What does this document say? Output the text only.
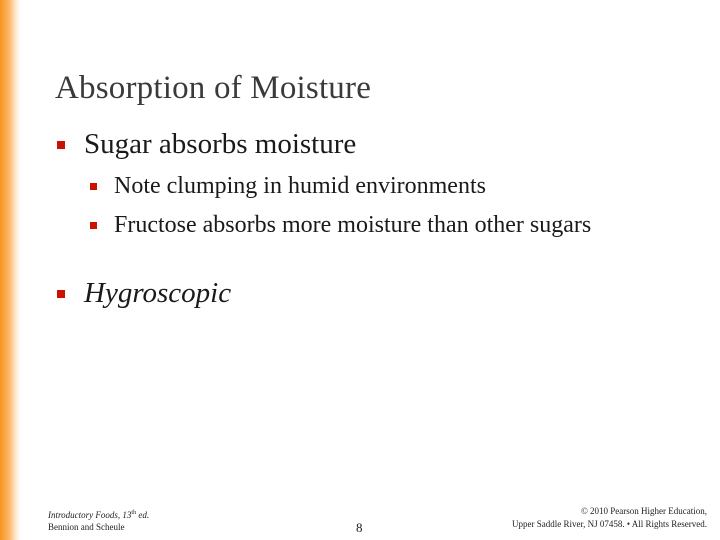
Absorption of Moisture
Sugar absorbs moisture
Note clumping in humid environments
Fructose absorbs more moisture than other sugars
Hygroscopic
Introductory Foods, 13th ed.
Bennion and Scheule	8
© 2010 Pearson Higher Education,
Upper Saddle River, NJ 07458. • All Rights Reserved.
